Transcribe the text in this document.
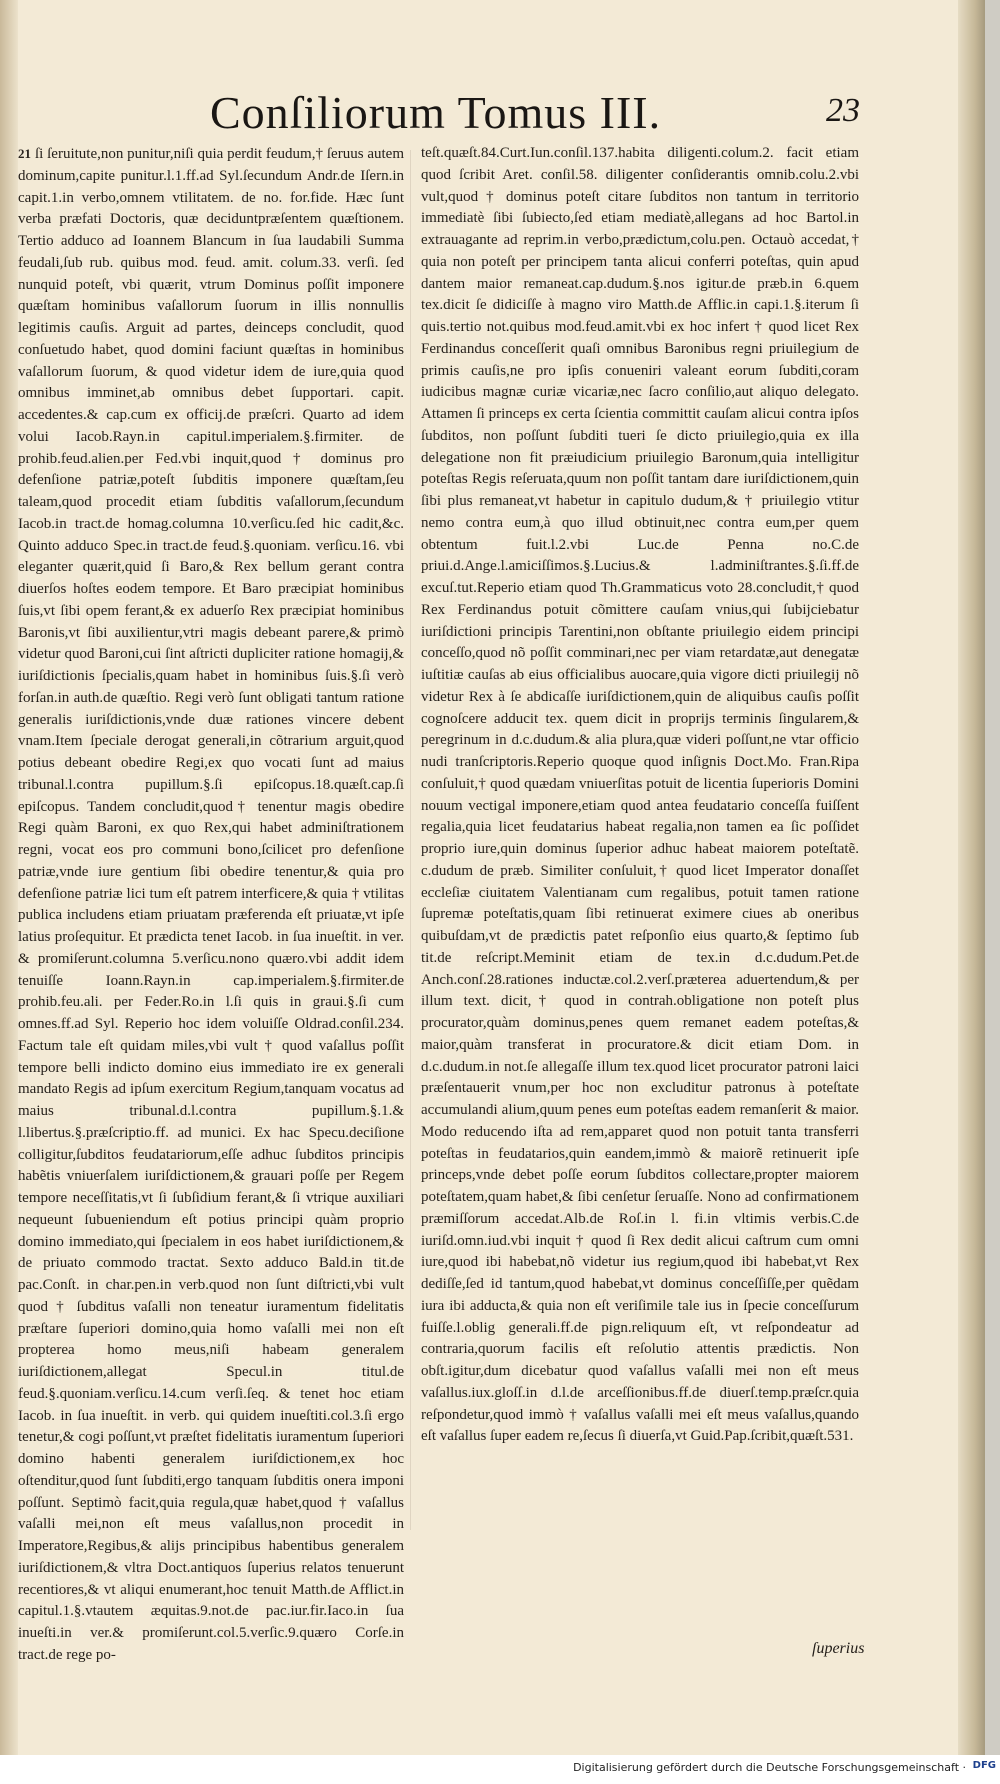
Conſiliorum Tomus III.	23

21 ſi ſeruitute,non punitur,niſi quia perdit feudum,† ſeruus autem dominum,capite punitur.l.1.ff.ad Syl.ſecundum Andr.de Iſern.in capit.1.in verbo,omnem vtilitatem. de no. for.fide. Hæc ſunt verba præfati Doctoris, quæ deciduntpræſentem quæſtionem. Tertio adduco ad Ioannem Blancum in ſua laudabili Summa feudali,ſub rub. quibus mod. feud. amit. colum.33. verſi. ſed nunquid poteſt, vbi quærit, vtrum Dominus poſſit imponere quæſtam hominibus vaſallorum ſuorum in illis nonnullis legitimis cauſis. Arguit ad partes, deinceps concludit, quod conſuetudo habet, quod domini faciunt quæſtas in hominibus vaſallorum ſuorum, & quod videtur idem de iure,quia quod omnibus imminet,ab omnibus debet ſupportari. capit. accedentes.& cap.cum ex officij.de præſcri. Quarto ad idem volui Iacob.Rayn.in capitul.imperialem.§.firmiter. de prohib.feud.alien.per Fed.vbi inquit,quod † dominus pro defenſione patriæ,poteſt ſubditis imponere quæſtam,ſeu taleam,quod procedit etiam ſubditis vaſallorum,ſecundum Iacob.in tract.de homag.columna 10.verſicu.ſed hic cadit,&c. Quinto adduco Spec.in tract.de feud.§.quoniam. verſicu.16. vbi eleganter quærit,quid ſi Baro,& Rex bellum gerant contra diuerſos hoſtes eodem tempore. Et Baro præcipiat hominibus ſuis,vt ſibi opem ferant,& ex aduerſo Rex præcipiat hominibus Baronis,vt ſibi auxilientur,vtri magis debeant parere,& primò videtur quod Baroni,cui ſint aſtricti dupliciter ratione homagij,& iuriſdictionis ſpecialis,quam habet in hominibus ſuis.§.ſi verò forſan.in auth.de quæſtio. Regi verò ſunt obligati tantum ratione generalis iuriſdictionis,vnde duæ rationes vincere debent vnam.Item ſpeciale derogat generali,in cõtrarium arguit,quod potius debeant obedire Regi,ex quo vocati ſunt ad maius tribunal.l.contra pupillum.§.ſi epiſcopus.18.quæſt.cap.ſi epiſcopus. Tandem concludit,quod† tenentur magis obedire Regi quàm Baroni, ex quo Rex,qui habet adminiſtrationem regni, vocat eos pro communi bono,ſcilicet pro defenſione patriæ,vnde iure gentium ſibi obedire tenentur,& quia pro defenſione patriæ lici tum eſt patrem interficere,& quia † vtilitas publica includens etiam priuatam præferenda eſt priuatæ,vt ipſe latius proſequitur. Et prædicta tenet Iacob. in ſua inueſtit. in ver. & promiſerunt.columna 5.verſicu.nono quæro.vbi addit idem tenuiſſe Ioann.Rayn.in cap.imperialem.§.firmiter.de prohib.feu.ali. per Feder.Ro.in l.ſi quis in graui.§.ſi cum omnes.ff.ad Syl. Reperio hoc idem voluiſſe Oldrad.conſil.234. Factum tale eſt quidam miles,vbi vult † quod vaſallus poſſit tempore belli indicto domino eius immediato ire ex generali mandato Regis ad ipſum exercitum Regium,tanquam vocatus ad maius tribunal.d.l.contra pupillum.§.1.& l.libertus.§.præſcriptio.ff. ad munici. Ex hac Specu.deciſione colligitur,ſubditos feudatariorum,eſſe adhuc ſubditos principis habẽtis vniuerſalem iuriſdictionem,& grauari poſſe per Regem tempore neceſſitatis,vt ſi ſubſidium ferant,& ſi vtrique auxiliari nequeunt ſubueniendum eſt potius principi quàm proprio domino immediato,qui ſpecialem in eos habet iuriſdictionem,& de priuato commodo tractat. Sexto adduco Bald.in tit.de pac.Conſt. in char.pen.in verb.quod non ſunt diſtricti,vbi vult quod † ſubditus vaſalli non teneatur iuramentum fidelitatis præſtare ſuperiori domino,quia homo vaſalli mei non eſt propterea homo meus,niſi habeam generalem iuriſdictionem,allegat Specul.in titul.de feud.§.quoniam.verſicu.14.cum verſi.ſeq. & tenet hoc etiam Iacob. in ſua inueſtit. in verb. qui quidem inueſtiti.col.3.ſi ergo tenetur,& cogi poſſunt,vt præſtet fidelitatis iuramentum ſuperiori domino habenti generalem iuriſdictionem,ex hoc oſtenditur,quod ſunt ſubditi,ergo tanquam ſubditis onera imponi poſſunt. Septimò facit,quia regula,quæ habet,quod † vaſallus vaſalli mei,non eſt meus vaſallus,non procedit in Imperatore,Regibus,& alijs principibus habentibus generalem iuriſdictionem,& vltra Doct.antiquos ſuperius relatos tenuerunt recentiores,& vt aliqui enumerant,hoc tenuit Matth.de Afflict.in capitul.1.§.vtautem æquitas.9.not.de pac.iur.fir.Iaco.in ſua inueſti.in ver.& promiſerunt.col.5.verſic.9.quæro Corſe.in tract.de rege po-

teſt.quæſt.84.Curt.Iun.conſil.137.habita diligenti.colum.2. facit etiam quod ſcribit Aret. conſil.58. diligenter conſiderantis omnib.colu.2.vbi vult,quod † dominus poteſt citare ſubditos non tantum in territorio immediatè ſibi ſubiecto,ſed etiam mediatè,allegans ad hoc Bartol.in extrauagante ad reprim.in verbo,prædictum,colu.pen. Octauò accedat,† quia non poteſt per principem tanta alicui conferri poteſtas, quin apud dantem maior remaneat.cap.dudum.§.nos igitur.de præb.in 6.quem tex.dicit ſe didiciſſe à magno viro Matth.de Afflic.in capi.1.§.iterum ſi quis.tertio not.quibus mod.feud.amit.vbi ex hoc infert † quod licet Rex Ferdinandus conceſſerit quaſi omnibus Baronibus regni priuilegium de primis cauſis,ne pro ipſis conueniri valeant eorum ſubditi,coram iudicibus magnæ curiæ vicariæ,nec ſacro conſilio,aut aliquo delegato. Attamen ſi princeps ex certa ſcientia committit cauſam alicui contra ipſos ſubditos, non poſſunt ſubditi tueri ſe dicto priuilegio,quia ex illa delegatione non fit præiudicium priuilegio Baronum,quia intelligitur poteſtas Regis reſeruata,quum non poſſit tantam dare iuriſdictionem,quin ſibi plus remaneat,vt habetur in capitulo dudum,& † priuilegio vtitur nemo contra eum,à quo illud obtinuit,nec contra eum,per quem obtentum fuit.l.2.vbi Luc.de Penna no.C.de priui.d.Ange.l.amiciſſimos.§.Lucius.& l.adminiſtrantes.§.ſi.ff.de excuſ.tut.Reperio etiam quod Th.Grammaticus voto 28.concludit,† quod Rex Ferdinandus potuit cõmittere cauſam vnius,qui ſubijciebatur iuriſdictioni principis Tarentini,non obſtante priuilegio eidem principi conceſſo,quod nõ poſſit comminari,nec per viam retardatæ,aut denegatæ iuſtitiæ cauſas ab eius officialibus auocare,quia vigore dicti priuilegij nõ videtur Rex à ſe abdicaſſe iuriſdictionem,quin de aliquibus cauſis poſſit cognoſcere adducit tex. quem dicit in proprijs terminis ſingularem,& peregrinum in d.c.dudum.& alia plura,quæ videri poſſunt,ne vtar officio nudi tranſcriptoris.Reperio quoque quod inſignis Doct.Mo. Fran.Ripa conſuluit,† quod quædam vniuerſitas potuit de licentia ſuperioris Domini nouum vectigal imponere,etiam quod antea feudatario conceſſa fuiſſent regalia,quia licet feudatarius habeat regalia,non tamen ea ſic poſſidet proprio iure,quin dominus ſuperior adhuc habeat maiorem poteſtatẽ. c.dudum de præb. Similiter conſuluit,† quod licet Imperator donaſſet eccleſiæ ciuitatem Valentianam cum regalibus, potuit tamen ratione ſupremæ poteſtatis,quam ſibi retinuerat eximere ciues ab oneribus quibuſdam,vt de prædictis patet reſponſio eius quarto,& ſeptimo ſub tit.de reſcript.Meminit etiam de tex.in d.c.dudum.Pet.de Anch.conſ.28.rationes inductæ.col.2.verſ.præterea aduertendum,& per illum text. dicit,† quod in contrah.obligatione non poteſt plus procurator,quàm dominus,penes quem remanet eadem poteſtas,& maior,quàm transferat in procuratore.& dicit etiam Dom. in d.c.dudum.in not.ſe allegaſſe illum tex.quod licet procurator patroni laici præſentauerit vnum,per hoc non excluditur patronus à poteſtate accumulandi alium,quum penes eum poteſtas eadem remanſerit & maior. Modo reducendo iſta ad rem,apparet quod non potuit tanta transferri poteſtas in feudatarios,quin eandem,immò & maiorẽ retinuerit ipſe princeps,vnde debet poſſe eorum ſubditos collectare,propter maiorem poteſtatem,quam habet,& ſibi cenſetur ſeruaſſe. Nono ad confirmationem præmiſſorum accedat.Alb.de Roſ.in l. fi.in vltimis verbis.C.de iuriſd.omn.iud.vbi inquit † quod ſi Rex dedit alicui caſtrum cum omni iure,quod ibi habebat,nõ videtur ius regium,quod ibi habebat,vt Rex dediſſe,ſed id tantum,quod habebat,vt dominus conceſſiſſe,per quẽdam iura ibi adducta,& quia non eſt veriſimile tale ius in ſpecie conceſſurum fuiſſe.l.oblig generali.ff.de pign.reliquum eſt, vt reſpondeatur ad contraria,quorum facilis eſt reſolutio attentis prædictis. Non obſt.igitur,dum dicebatur quod vaſallus vaſalli mei non eſt meus vaſallus.iux.gloſſ.in d.l.de arceſſionibus.ff.de diuerſ.temp.præſcr.quia reſpondetur,quod immò † vaſallus vaſalli mei eſt meus vaſallus,quando eſt vaſallus ſuper eadem re,ſecus ſi diuerſa,vt Guid.Pap.ſcribit,quæſt.531.

ſuperius
Digitalisierung gefördert durch die Deutsche Forschungsgemeinschaft · DFG
